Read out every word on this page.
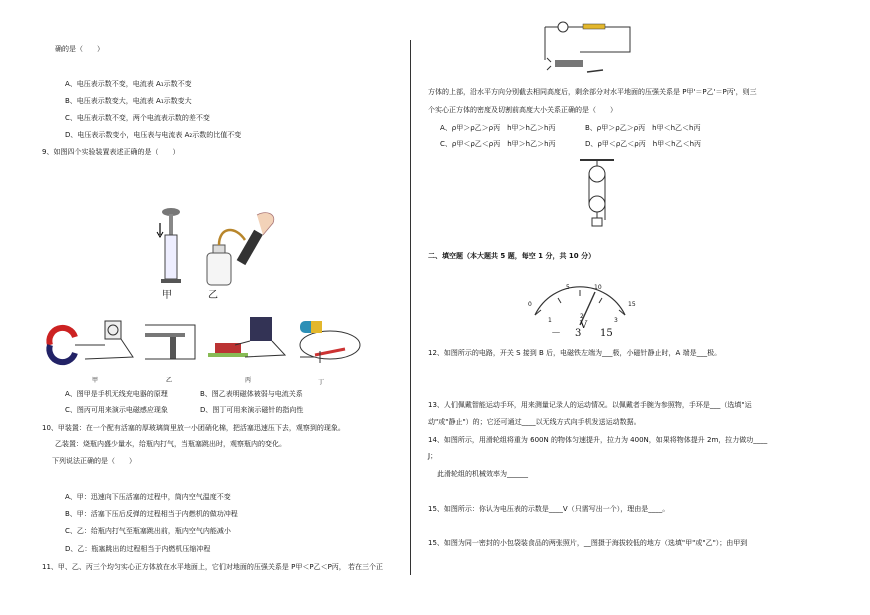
确的是（　　）
A、电压表示数不变，电流表 A₁示数不变
B、电压表示数变大，电流表 A₁示数变大
C、电压表示数不变，两个电流表示数的差不变
D、电压表示数变小，电压表与电流表 A₂示数的比值不变
9、如图四个实验装置表述正确的是（　　）
甲	乙
甲	乙	丙	丁
A、图甲是手机无线充电器的原理	B、图乙表明磁体被弱与电流关系
C、图丙可用来演示电磁感应现象	D、图丁可用来演示磁针的指向性
10、甲装置：在一个配有活塞的厚玻璃筒里放一小团硝化棉，把活塞迅速压下去，观察到的现象。
乙装置：烧瓶内盛少量水，给瓶内打气，当瓶塞跳出时，观察瓶内的变化。
下列说法正确的是（　　）
A、甲：迅速向下压活塞的过程中，筒内空气温度不变
B、甲：活塞下压后反弹的过程相当于内燃机的做功冲程
C、乙：给瓶内打气至瓶塞跳出前，瓶内空气内能减小
D、乙：瓶塞跳出的过程相当于内燃机压缩冲程
11、甲、乙、丙三个均匀实心正方体放在水平地面上，它们对地面的压强关系是 P甲＜P乙＜P丙， 若在三个正
方体的上部，沿水平方向分别截去相同高度后，剩余部分对水平地面的压强关系是 P甲'＝P乙'＝P丙'，则三
个实心正方体的密度及切割前高度大小关系正确的是（　　）
A、ρ甲＞ρ乙＞ρ丙　h甲＞h乙＞h丙	B、ρ甲＞ρ乙＞ρ丙　h甲＜h乙＜h丙
C、ρ甲＜ρ乙＜ρ丙　h甲＞h乙＞h丙	D、ρ甲＜ρ乙＜ρ丙　h甲＜h乙＜h丙
二、填空题（本大题共 5 题，每空 1 分，共 10 分）
0
5	10
15
1
2
3
V
－ 3 15
12、如图所示的电路，开关 S 接到 B 后，电磁铁左端为___极，小磁针静止时，A 端是___极。
13、人们佩戴智能运动手环，用来测量记录人的运动情况。以佩戴者手腕为参照物，手环是___（选填"运
动"或"静止"）的；它还可通过____以无线方式向手机发送运动数据。
14、如图所示，用滑轮组将重为 600N 的物体匀速提升，拉力为 400N，如果将物体提升 2m，拉力做功____
J；
此滑轮组的机械效率为______
15、如图所示：你认为电压表的示数是____V（只需写出一个），理由是____。
15、如图为同一密封的小包袋装食品的两张照片，__图摄于海拔较低的地方（选填"甲"或"乙"）；由甲到
